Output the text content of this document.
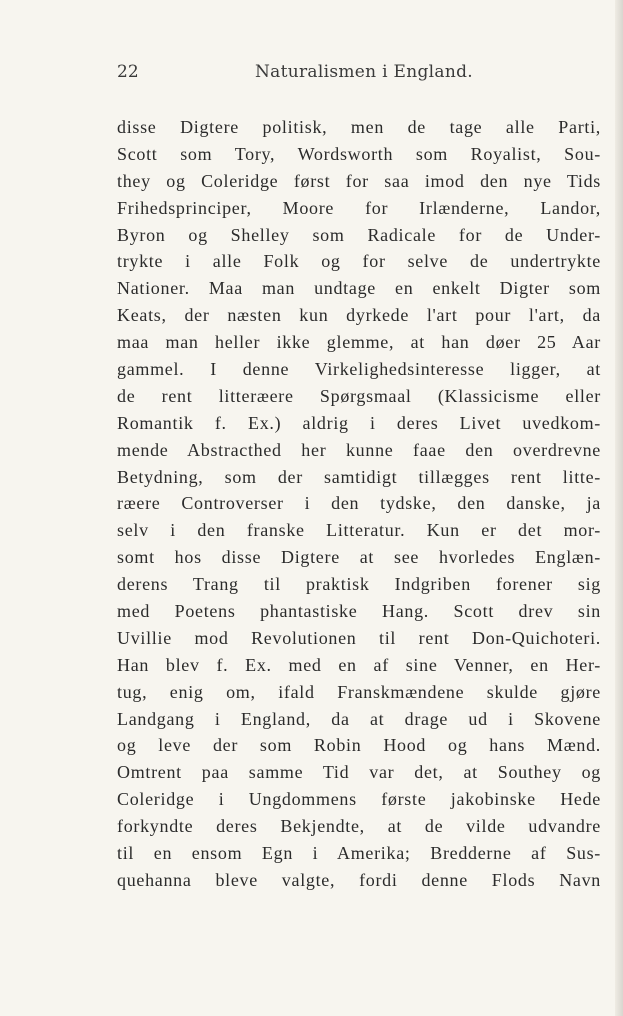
22	Naturalismen i England.
disse Digtere politisk, men de tage alle Parti,
Scott som Tory, Wordsworth som Royalist, Sou-
they og Coleridge først for saa imod den nye Tids
Frihedsprinciper, Moore for Irlænderne, Landor,
Byron og Shelley som Radicale for de Under-
trykte i alle Folk og for selve de undertrykte
Nationer. Maa man undtage en enkelt Digter som
Keats, der næsten kun dyrkede l'art pour l'art, da
maa man heller ikke glemme, at han døer 25 Aar
gammel. I denne Virkelighedsinteresse ligger, at
de rent litteræere Spørgsmaal (Klassicisme eller
Romantik f. Ex.) aldrig i deres Livet uvedkom-
mende Abstracthed her kunne faae den overdrevne
Betydning, som der samtidigt tillægges rent litte-
ræere Controverser i den tydske, den danske, ja
selv i den franske Litteratur. Kun er det mor-
somt hos disse Digtere at see hvorledes Englæn-
derens Trang til praktisk Indgriben forener sig
med Poetens phantastiske Hang. Scott drev sin
Uvillie mod Revolutionen til rent Don-Quichoteri.
Han blev f. Ex. med en af sine Venner, en Her-
tug, enig om, ifald Franskmændene skulde gjøre
Landgang i England, da at drage ud i Skovene
og leve der som Robin Hood og hans Mænd.
Omtrent paa samme Tid var det, at Southey og
Coleridge i Ungdommens første jakobinske Hede
forkyndte deres Bekjendte, at de vilde udvandre
til en ensom Egn i Amerika; Bredderne af Sus-
quehanna bleve valgte, fordi denne Flods Navn
